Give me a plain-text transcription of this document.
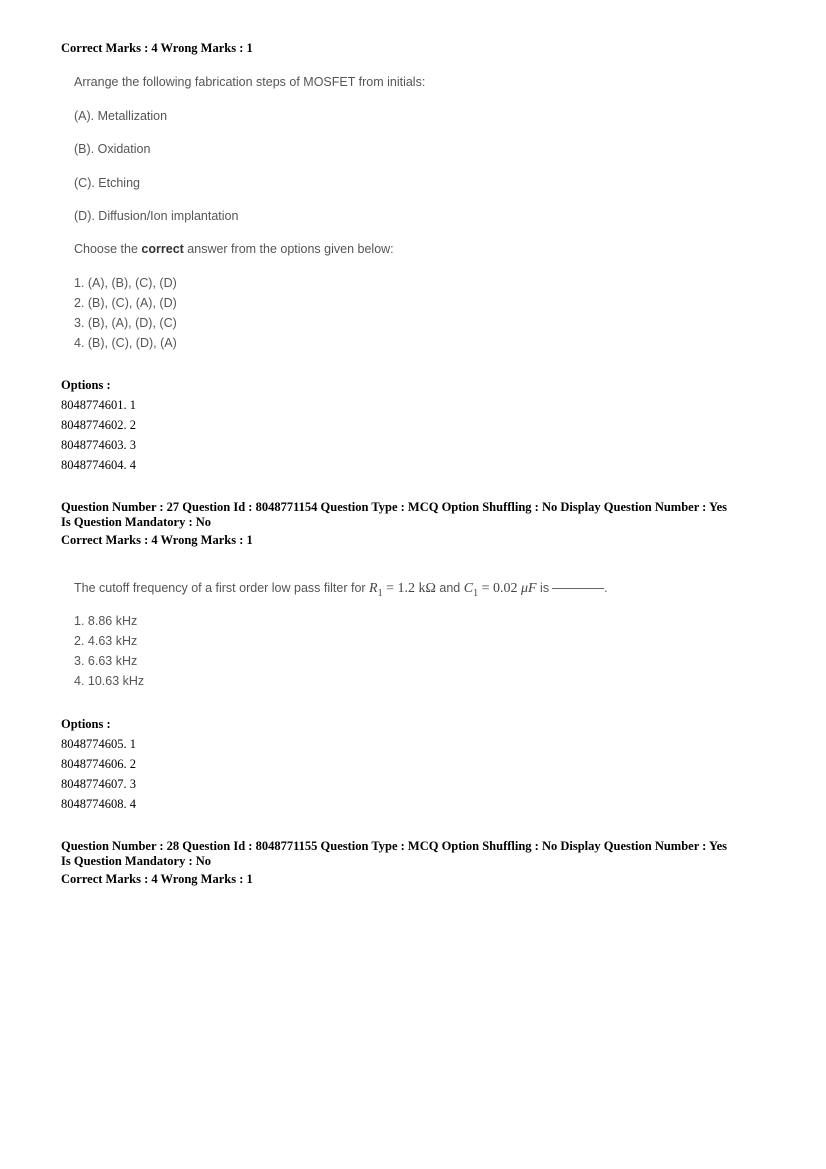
Correct Marks : 4 Wrong Marks : 1
Arrange the following fabrication steps of MOSFET from initials:
(A). Metallization
(B). Oxidation
(C). Etching
(D). Diffusion/Ion implantation
Choose the correct answer from the options given below:
1. (A), (B), (C), (D)
2. (B), (C), (A), (D)
3. (B), (A), (D), (C)
4. (B), (C), (D), (A)
Options :
8048774601. 1
8048774602. 2
8048774603. 3
8048774604. 4
Question Number : 27 Question Id : 8048771154 Question Type : MCQ Option Shuffling : No Display Question Number : Yes
Is Question Mandatory : No
Correct Marks : 4 Wrong Marks : 1
The cutoff frequency of a first order low pass filter for $R_1 = 1.2$ kΩ and $C_1 = 0.02$ μF is	.
1. 8.86 kHz
2. 4.63 kHz
3. 6.63 kHz
4. 10.63 kHz
Options :
8048774605. 1
8048774606. 2
8048774607. 3
8048774608. 4
Question Number : 28 Question Id : 8048771155 Question Type : MCQ Option Shuffling : No Display Question Number : Yes
Is Question Mandatory : No
Correct Marks : 4 Wrong Marks : 1
